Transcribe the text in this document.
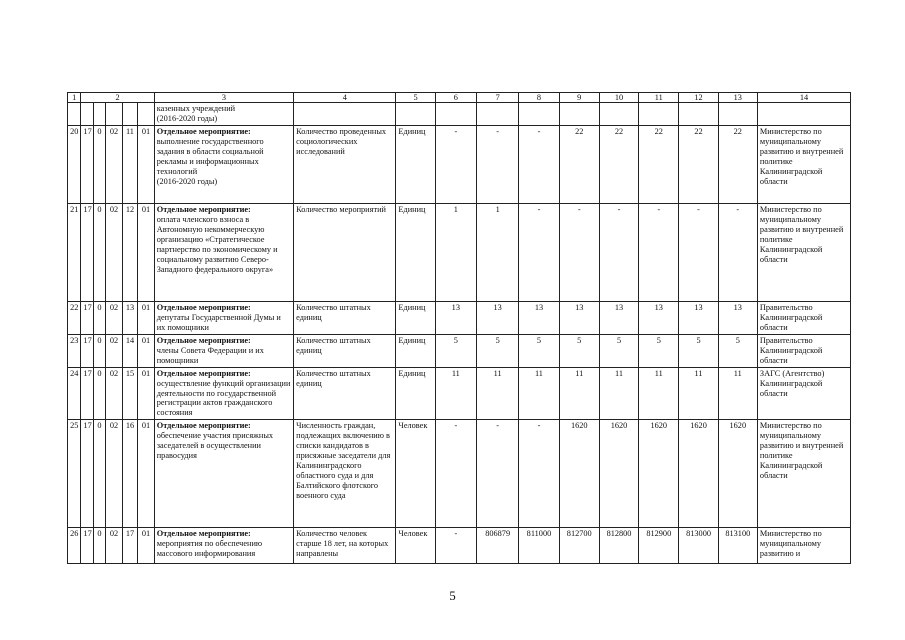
1	2					3	4	5	6	7	8	9	10	11	12	13	14
						казенных учреждений
(2016-2020 годы)											
20	17	0	02	11	01	Отдельное мероприятие:
выполнение государственного задания в области социальной рекламы и информационных технологий
(2016-2020 годы)	Количество проведенных социологических исследований	Единиц	-	-	-	22	22	22	22	22	Министерство по муниципальному развитию и внутренней политике Калининградской области
21	17	0	02	12	01	Отдельное мероприятие:
оплата членского взноса в Автономную некоммерческую организацию «Стратегическое партнерство по экономическому и социальному развитию Северо-Западного федерального округа»	Количество мероприятий	Единиц	1	1	-	-	-	-	-	-	Министерство по муниципальному развитию и внутренней политике Калининградской области
22	17	0	02	13	01	Отдельное мероприятие:
депутаты Государственной Думы и их помощники	Количество штатных единиц	Единиц	13	13	13	13	13	13	13	13	Правительство Калининградской области
23	17	0	02	14	01	Отдельное мероприятие:
члены Совета Федерации и их помощники	Количество штатных единиц	Единиц	5	5	5	5	5	5	5	5	Правительство Калининградской области
24	17	0	02	15	01	Отдельное мероприятие:
осуществление функций организации деятельности по государственной регистрации актов гражданского состояния	Количество штатных единиц	Единиц	11	11	11	11	11	11	11	11	ЗАГС (Агентство) Калининградской области
25	17	0	02	16	01	Отдельное мероприятие:
обеспечение участия присяжных заседателей в осуществлении правосудия	Численность граждан, подлежащих включению в списки кандидатов в присяжные заседатели для Калининградского областного суда и для Балтийского флотского военного суда	Человек	-	-	-	1620	1620	1620	1620	1620	Министерство по муниципальному развитию и внутренней политике Калининградской области
26	17	0	02	17	01	Отдельное мероприятие:
мероприятия по обеспечению массового информирования	Количество человек старше 18 лет, на которых направлены	Человек	-	806879	811000	812700	812800	812900	813000	813100	Министерство по муниципальному развитию и
5
